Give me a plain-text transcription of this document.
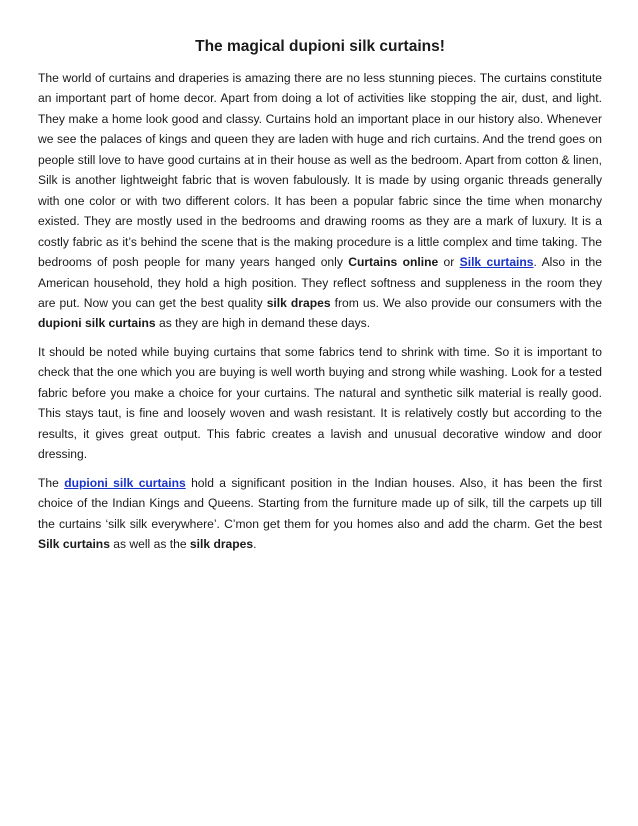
The magical dupioni silk curtains!

The world of curtains and draperies is amazing there are no less stunning pieces. The curtains constitute an important part of home decor. Apart from doing a lot of activities like stopping the air, dust, and light. They make a home look good and classy. Curtains hold an important place in our history also. Whenever we see the palaces of kings and queen they are laden with huge and rich curtains. And the trend goes on people still love to have good curtains at in their house as well as the bedroom. Apart from cotton & linen, Silk is another lightweight fabric that is woven fabulously. It is made by using organic threads generally with one color or with two different colors. It has been a popular fabric since the time when monarchy existed. They are mostly used in the bedrooms and drawing rooms as they are a mark of luxury. It is a costly fabric as it’s behind the scene that is the making procedure is a little complex and time taking. The bedrooms of posh people for many years hanged only Curtains online or Silk curtains. Also in the American household, they hold a high position. They reflect softness and suppleness in the room they are put. Now you can get the best quality silk drapes from us. We also provide our consumers with the dupioni silk curtains as they are high in demand these days.

It should be noted while buying curtains that some fabrics tend to shrink with time. So it is important to check that the one which you are buying is well worth buying and strong while washing. Look for a tested fabric before you make a choice for your curtains. The natural and synthetic silk material is really good. This stays taut, is fine and loosely woven and wash resistant. It is relatively costly but according to the results, it gives great output. This fabric creates a lavish and unusual decorative window and door dressing.

The dupioni silk curtains hold a significant position in the Indian houses. Also, it has been the first choice of the Indian Kings and Queens. Starting from the furniture made up of silk, till the carpets up till the curtains ‘silk silk everywhere’. C’mon get them for you homes also and add the charm. Get the best Silk curtains as well as the silk drapes.
